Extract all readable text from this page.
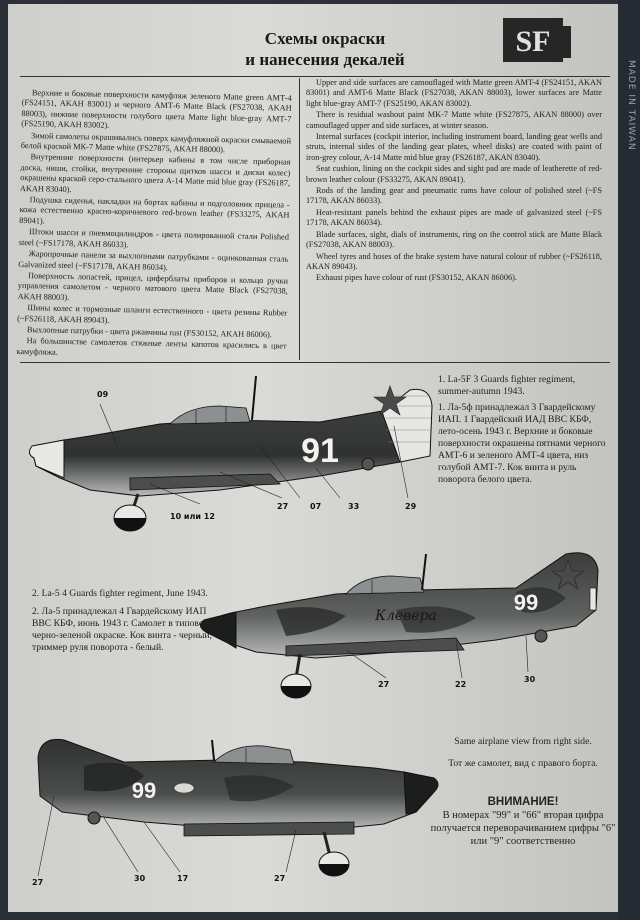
MADE IN TAIWAN
Схемы окраски
и нанесения декалей
SF

Верхние и боковые поверхности камуфляж зеленого Matte green АМТ-4 (FS24151, AKAH 83001) и черного АМТ-6 Matte Black (FS27038, AKAH 88003), нижние поверхности голубого цвета Matte light blue-gray АМТ-7 (FS25190, AKAH 83002).

Зимой самолеты окрашивались поверх камуфляжной окраски смываемой белой краской МК-7 Matte white (FS27875, AKAH 88000).

Внутренние поверхности (интерьер кабины в том числе приборная доска, ниши, стойки, внутренние стороны щитков шасси и диски колес) окрашены краской серо-стального цвета А-14 Matte mid blue gray (FS26187, AKAH 83040).

Подушка сиденья, накладки на бортах кабины и подголовник прицела - кожа естественно красно-коричневого red-brown leather (FS33275, AKAH 89041).

Штоки шасси и пневмоцилиндров - цвета полированной стали Polished steel (~FS17178, AKAH 86033).

Жаропрочные панели за выхлопными патрубками - оцинкованная сталь Galvanized steel (~FS17178, AKAH 86034).

Поверхность лопастей, прицел, циферблаты приборов и кольцо ручки управления самолетом - черного матового цвета Matte Black (FS27038, AKAH 88003).

Шины колес и тормозные шланги естественного - цвета резины Rubber (~FS26118, AKAH 89043).

Выхлопные патрубки - цвета ржавчины rust (FS30152, AKAH 86006).

На большинстве самолетов стяжные ленты капотов красились в цвет камуфляжа.

Upper and side surfaces are camouflaged with Matte green AMT-4 (FS24151, AKAN 83001) and AMT-6 Matte Black (FS27038, AKAN 88003), lower surfaces are Matte light blue-gray AMT-7 (FS25190, AKAN 83002).

There is residual washout paint MK-7 Matte white (FS27875, AKAN 88000) over camouflaged upper and side surfaces, at winter season.

Internal surfaces (cockpit interior, including instrument board, landing gear wells and struts, internal sides of the landing gear plates, wheel disks) are coated with paint of iron-grey colour, A-14 Matte mid blue gray (FS26187, AKAN 83040).

Seat cushion, lining on the cockpit sides and sight pad are made of leatherette of red-brown leather colour (FS33275, AKAN 89041).

Rods of the landing gear and pneumatic rams have colour of polished steel (~FS 17178, AKAN 86033).

Heat-resistant panels behind the exhaust pipes are made of galvanized steel (~FS 17178, AKAN 86034).

Blade surfaces, sight, dials of instruments, ring on the control stick are Matte Black (FS27038, AKAN 88003).

Wheel tyres and hoses of the brake system have natural colour of rubber (~FS26118, AKAN 89043).

Exhaust pipes have colour of rust (FS30152, AKAN 86006).

91
09
10 или 12
27	07	33	29
1. La-5F 3 Guards fighter regiment, summer-autumn 1943.
1. Ла-5ф принадлежал 3 Гвардейскому ИАП. 1 Гвардейский ИАД ВВС КБФ, лето-осень 1943 г. Верхние и боковые поверхности окрашены пятнами черного АМТ-6 и зеленого АМТ-4 цвета, низ голубой АМТ-7. Кок винта и руль поворота белого цвета.
Клевера
99
27	22
30
2. La-5 4 Guards fighter regiment, June 1943.
2. Ла-5 принадлежал 4 Гвардейскому ИАП ВВС КБФ, июнь 1943 г. Самолет в типовой черно-зеленой окраске. Кок винта - черный, триммер руля поворота - белый.
99
27	30	17	27
Same airplane view from right side.
Тот же самолет, вид с правого борта.
ВНИМАНИЕ!
В номерах "99" и "66" вторая цифра получается переворачиванием цифры "6" или "9" соответственно
